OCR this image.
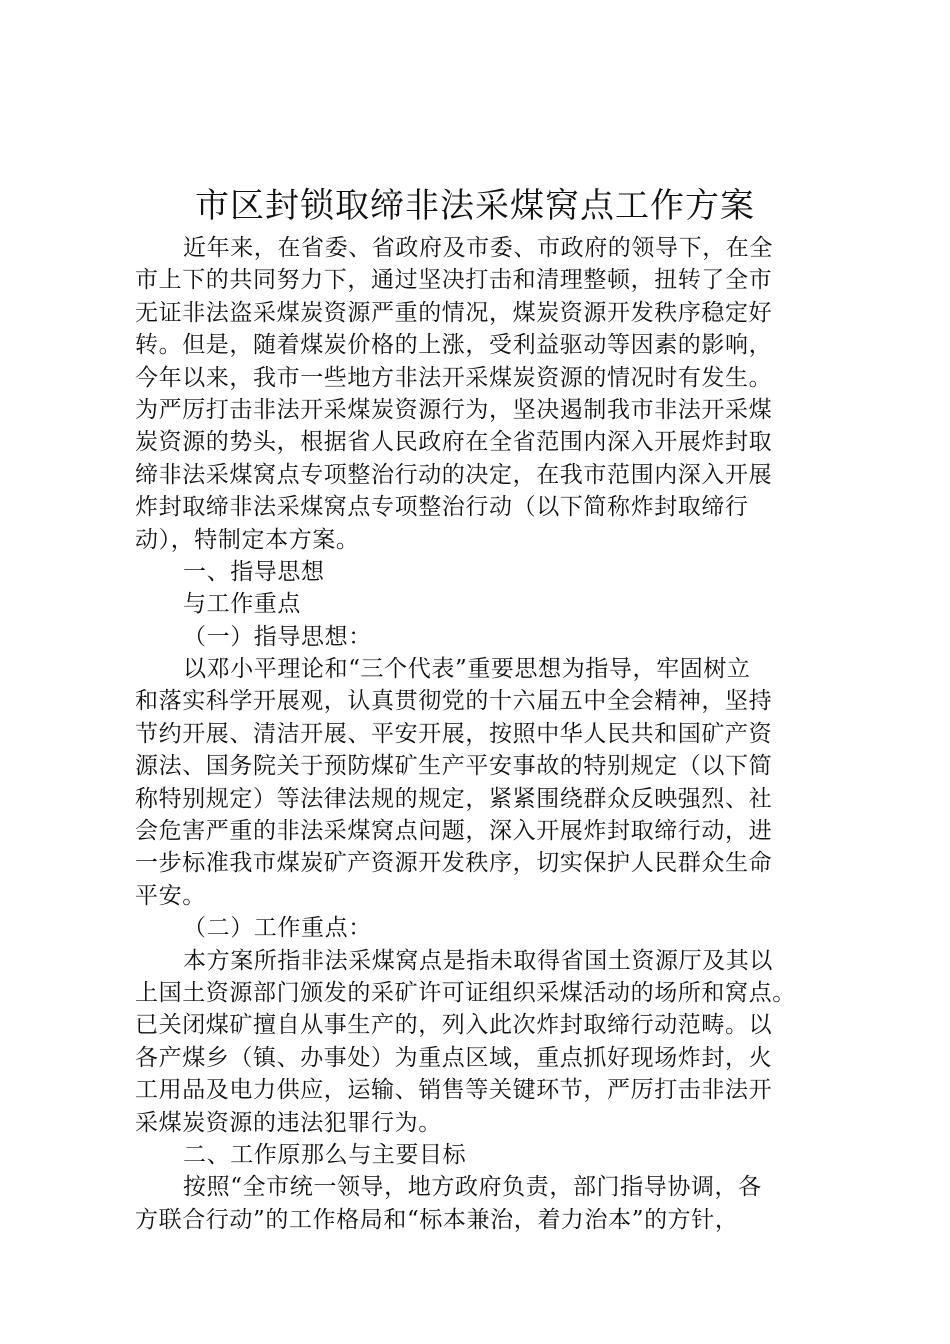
市区封锁取缔非法采煤窝点工作方案
近年来，在省委、省政府及市委、市政府的领导下，在全
市上下的共同努力下，通过坚决打击和清理整顿，扭转了全市
无证非法盗采煤炭资源严重的情况，煤炭资源开发秩序稳定好
转。但是，随着煤炭价格的上涨，受利益驱动等因素的影响，
今年以来，我市一些地方非法开采煤炭资源的情况时有发生。
为严厉打击非法开采煤炭资源行为，坚决遏制我市非法开采煤
炭资源的势头，根据省人民政府在全省范围内深入开展炸封取
缔非法采煤窝点专项整治行动的决定，在我市范围内深入开展
炸封取缔非法采煤窝点专项整治行动（以下简称炸封取缔行
动），特制定本方案。
一、指导思想
与工作重点
（一）指导思想：
以邓小平理论和“三个代表”重要思想为指导，牢固树立
和落实科学开展观，认真贯彻党的十六届五中全会精神，坚持
节约开展、清洁开展、平安开展，按照中华人民共和国矿产资
源法、国务院关于预防煤矿生产平安事故的特别规定（以下简
称特别规定）等法律法规的规定，紧紧围绕群众反映强烈、社
会危害严重的非法采煤窝点问题，深入开展炸封取缔行动，进
一步标准我市煤炭矿产资源开发秩序，切实保护人民群众生命
平安。
（二）工作重点：
本方案所指非法采煤窝点是指未取得省国土资源厅及其以
上国土资源部门颁发的采矿许可证组织采煤活动的场所和窝点。
已关闭煤矿擅自从事生产的，列入此次炸封取缔行动范畴。以
各产煤乡（镇、办事处）为重点区域，重点抓好现场炸封，火
工用品及电力供应，运输、销售等关键环节，严厉打击非法开
采煤炭资源的违法犯罪行为。
二、工作原那么与主要目标
按照“全市统一领导，地方政府负责，部门指导协调，各
方联合行动”的工作格局和“标本兼治，着力治本”的方针，
